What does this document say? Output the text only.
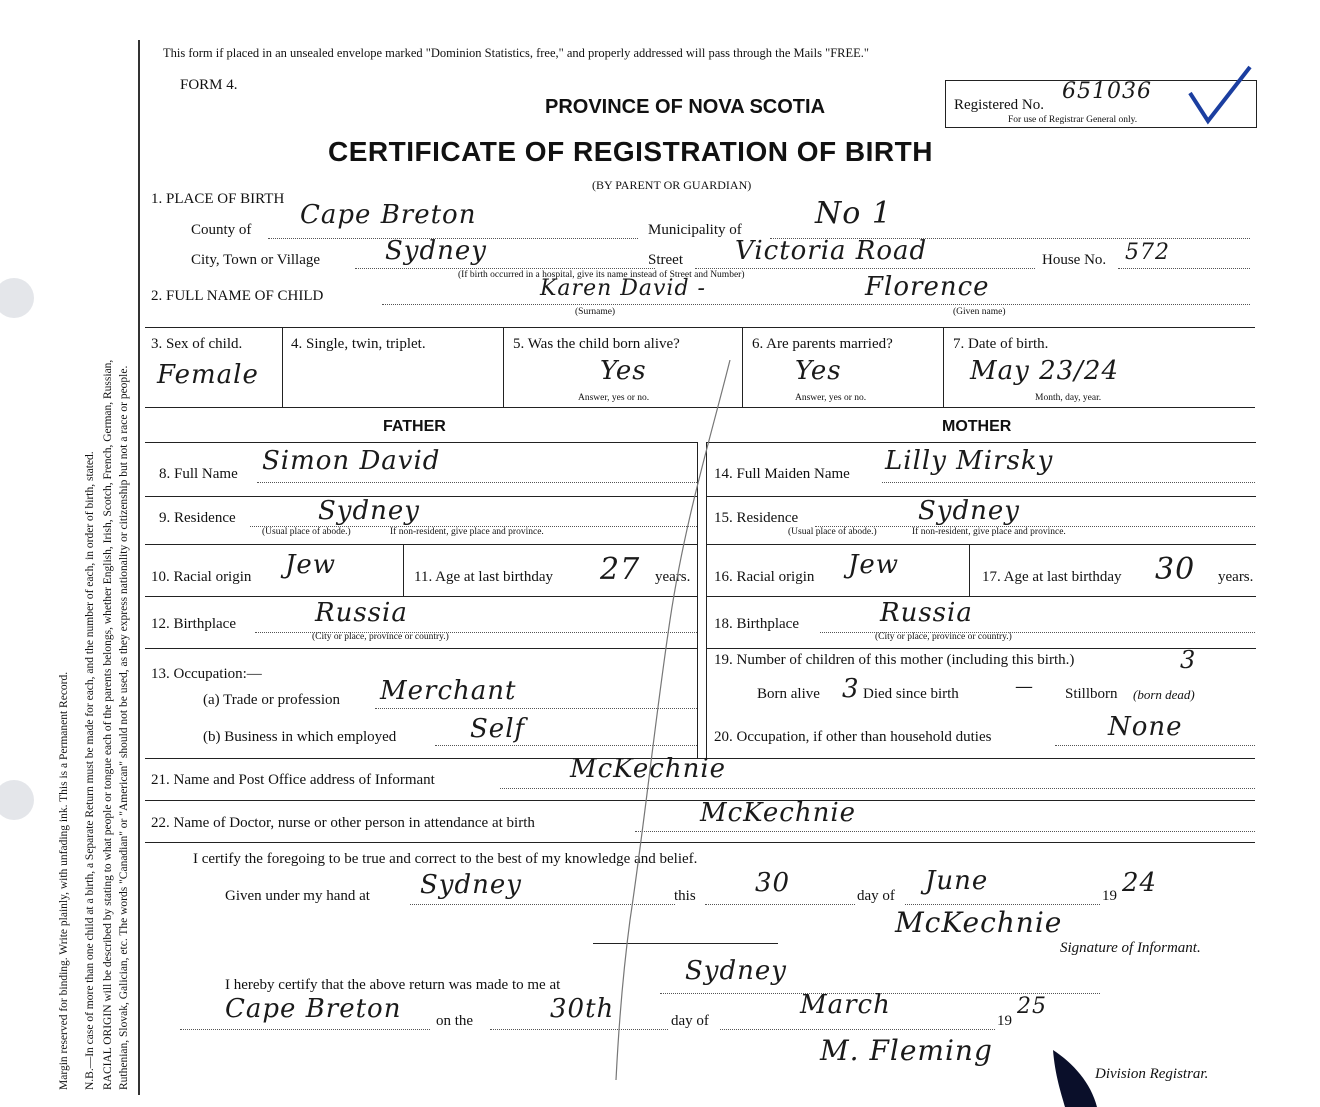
Margin reserved for binding. Write plainly, with unfading ink. This is a Permanent Record. N.B.—In case of more than one child at a birth, a Separate Return must be made for each, and the number of each, in order of birth, stated. RACIAL ORIGIN will be described by stating to what people or tongue each of the parents belongs, whether English, Irish, Scotch, French, German, Russian, Ruthenian, Slovak, Galician, etc. The words "Canadian" or "American" should not be used, as they express nationality or citizenship but not a race or people.
This form if placed in an unsealed envelope marked "Dominion Statistics, free," and properly addressed will pass through the Mails "FREE."
FORM 4.
PROVINCE OF NOVA SCOTIA
CERTIFICATE OF REGISTRATION OF BIRTH
(BY PARENT OR GUARDIAN)
Registered No.
651036
For use of Registrar General only.
1. PLACE OF BIRTH
County of Cape Breton	Municipality of No 1
City, Town or Village Sydney	Street Victoria Road	House No. 572
(If birth occurred in a hospital, give its name instead of Street and Number)
2. FULL NAME OF CHILD	Karen David -	Florence
(Surname)	(Given name)
3. Sex of child.
Female
4. Single, twin, triplet.	5. Was the child born alive?
Yes
Answer, yes or no.
6. Are parents married?
Yes
Answer, yes or no.
7. Date of birth.
May 23/24
Month, day, year.
FATHER	MOTHER
8. Full Name Simon David
9. Residence	Sydney
(Usual place of abode.)	If non-resident, give place and province.
10. Racial origin Jew	11. Age at last birthday 27 years.
12. Birthplace	Russia
(City or place, province or country.)
13. Occupation:—
(a) Trade or profession Merchant
(b) Business in which employed	Self
14. Full Maiden Name Lilly Mirsky
15. Residence	Sydney
(Usual place of abode.)	If non-resident, give place and province.
16. Racial origin Jew	17. Age at last birthday 30 years.
18. Birthplace	Russia
(City or place, province or country.)
19. Number of children of this mother (including this birth.)	3
Born alive 3 Died since birth	— Stillborn (born dead)
20. Occupation, if other than household duties	None
21. Name and Post Office address of Informant	McKechnie
22. Name of Doctor, nurse or other person in attendance at birth	McKechnie
I certify the foregoing to be true and correct to the best of my knowledge and belief.
Given under my hand at Sydney	this 30	day of June	19 24
McKechnie
Signature of Informant.
I hereby certify that the above return was made to me at	Sydney
Cape Breton on the	30th	day of
March
19
25
M. Fleming
Division Registrar.
